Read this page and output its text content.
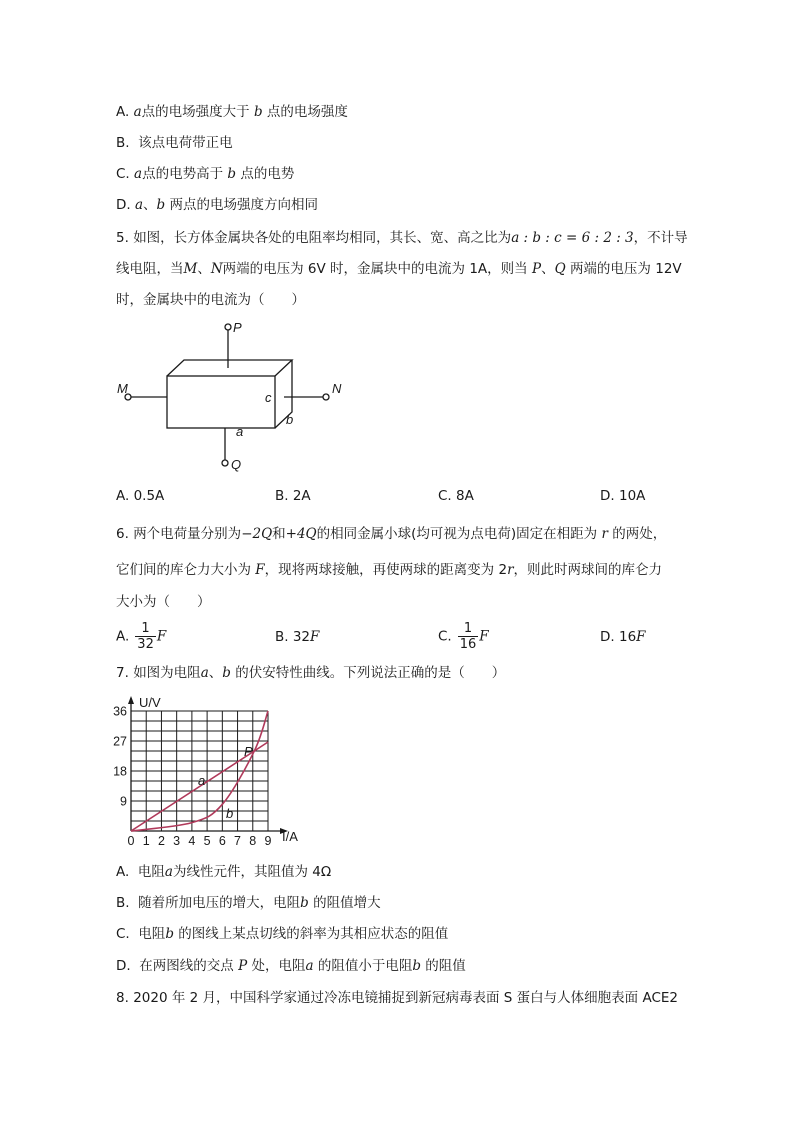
A. a点的电场强度大于 b 点的电场强度
B. 该点电荷带正电
C. a点的电势高于 b 点的电势
D. a、b 两点的电场强度方向相同
5. 如图，长方体金属块各处的电阻率均相同，其长、宽、高之比为a : b : c = 6 : 2 : 3，不计导
线电阻，当M、N两端的电压为 6V 时，金属块中的电流为 1A，则当 P、Q 两端的电压为 12V
时，金属块中的电流为（　　）
P
Q
M	N
a
b
c
A. 0.5A	B. 2A	C. 8A	D. 10A
6. 两个电荷量分别为−2Q和+4Q的相同金属小球(均可视为点电荷)固定在相距为 r 的两处，
它们间的库仑力大小为 F，现将两球接触，再使两球的距离变为 2r，则此时两球间的库仑力
大小为（　　）
A. $\frac{1}{32}$ F	B. 32F	C. $\frac{1}{16}$ F	D. 16F
7. 如图为电阻a、b 的伏安特性曲线。下列说法正确的是（　　）
0 1 2 3 4 5 6 7 8 9
9
18
27
36
U/V
I/A
a
b
P
A. 电阻a为线性元件，其阻值为 4Ω
B. 随着所加电压的增大，电阻b 的阻值增大
C. 电阻b 的图线上某点切线的斜率为其相应状态的阻值
D. 在两图线的交点 P 处，电阻a 的阻值小于电阻b 的阻值
8. 2020 年 2 月，中国科学家通过冷冻电镜捕捉到新冠病毒表面 S 蛋白与人体细胞表面 ACE2
